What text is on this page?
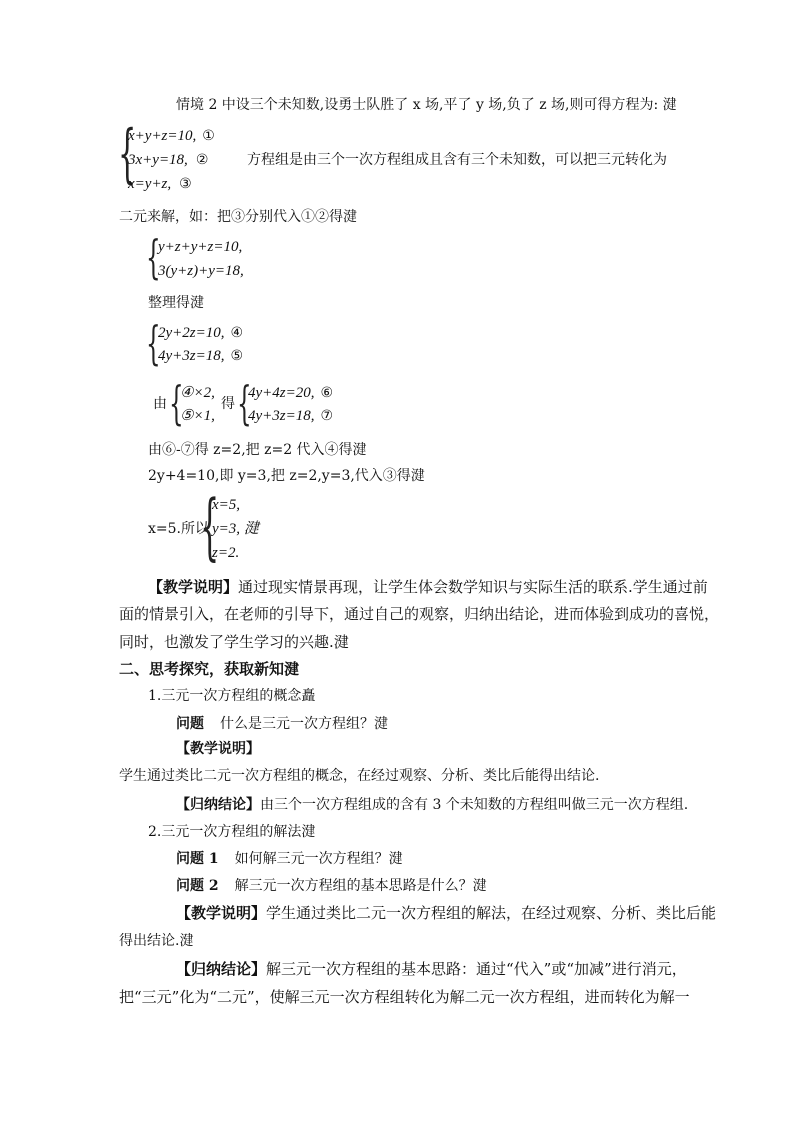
情境 2 中设三个未知数,设勇士队胜了 x 场,平了 y 场,负了 z 场,则可得方程为: 湕
{
x+y+z=10, ①
3x+y=18, ②
x=y+z, ③
方程组是由三个一次方程组成且含有三个未知数，可以把三元转化为
二元来解，如：把③分别代入①②得湕
{
y+z+y+z=10,
3(y+z)+y=18,
整理得湕
{
2y+2z=10, ④
4y+3z=18, ⑤
由 {
④×2,
⑤×1,
得 {
4y+4z=20, ⑥
4y+3z=18, ⑦
由⑥-⑦得 z=2,把 z=2 代入④得湕
2y+4=10,即 y=3,把 z=2,y=3,代入③得湕
x=5.所以
{
x=5,
y=3, 湕
z=2.
【教学说明】通过现实情景再现，让学生体会数学知识与实际生活的联系.学生通过前
面的情景引入，在老师的引导下，通过自己的观察，归纳出结论，进而体验到成功的喜悦，
同时，也激发了学生学习的兴趣.湕
二、思考探究，获取新知湕
1.三元一次方程组的概念矗
问题 什么是三元一次方程组？湕
【教学说明】
学生通过类比二元一次方程组的概念，在经过观察、分析、类比后能得出结论.
【归纳结论】由三个一次方程组成的含有 3 个未知数的方程组叫做三元一次方程组.
2.三元一次方程组的解法湕
问题 1 如何解三元一次方程组？湕
问题 2 解三元一次方程组的基本思路是什么？湕
【教学说明】学生通过类比二元一次方程组的解法，在经过观察、分析、类比后能
得出结论.湕
【归纳结论】解三元一次方程组的基本思路：通过“代入”或“加减”进行消元，
把“三元”化为“二元”，使解三元一次方程组转化为解二元一次方程组，进而转化为解一
